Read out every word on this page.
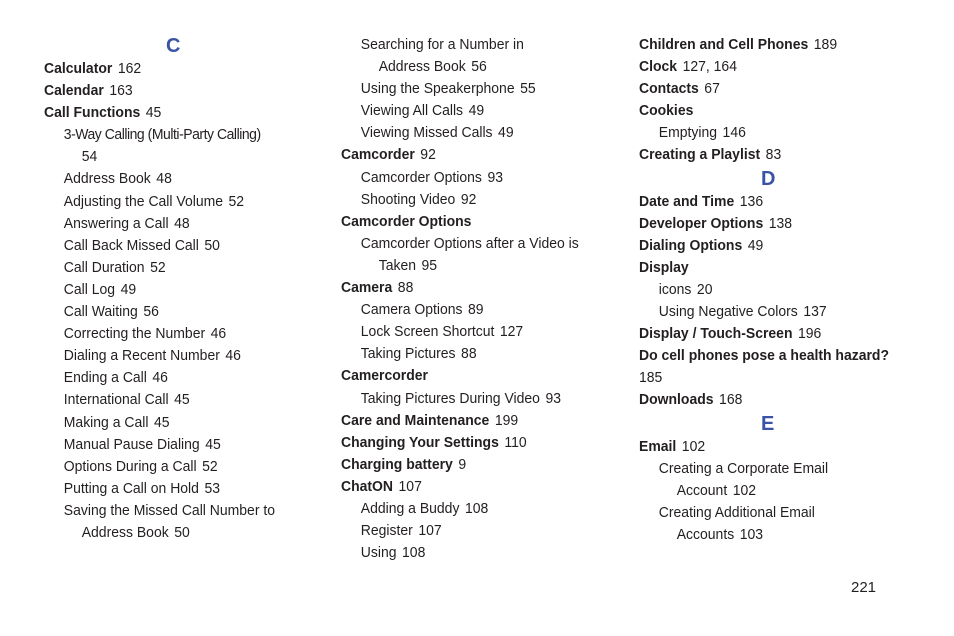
C
Calculator 162
Calendar 163
Call Functions 45
3-Way Calling (Multi-Party Calling)
54
Address Book 48
Adjusting the Call Volume 52
Answering a Call 48
Call Back Missed Call 50
Call Duration 52
Call Log 49
Call Waiting 56
Correcting the Number 46
Dialing a Recent Number 46
Ending a Call 46
International Call 45
Making a Call 45
Manual Pause Dialing 45
Options During a Call 52
Putting a Call on Hold 53
Saving the Missed Call Number to
Address Book 50
Searching for a Number in
Address Book 56
Using the Speakerphone 55
Viewing All Calls 49
Viewing Missed Calls 49
Camcorder 92
Camcorder Options 93
Shooting Video 92
Camcorder Options
Camcorder Options after a Video is
Taken 95
Camera 88
Camera Options 89
Lock Screen Shortcut 127
Taking Pictures 88
Camercorder
Taking Pictures During Video 93
Care and Maintenance 199
Changing Your Settings 110
Charging battery 9
ChatON 107
Adding a Buddy 108
Register 107
Using 108
Children and Cell Phones 189
Clock 127, 164
Contacts 67
Cookies
Emptying 146
Creating a Playlist 83
D
Date and Time 136
Developer Options 138
Dialing Options 49
Display
icons 20
Using Negative Colors 137
Display / Touch-Screen 196
Do cell phones pose a health hazard?
185
Downloads 168
E
Email 102
Creating a Corporate Email
Account 102
Creating Additional Email
Accounts 103
221
